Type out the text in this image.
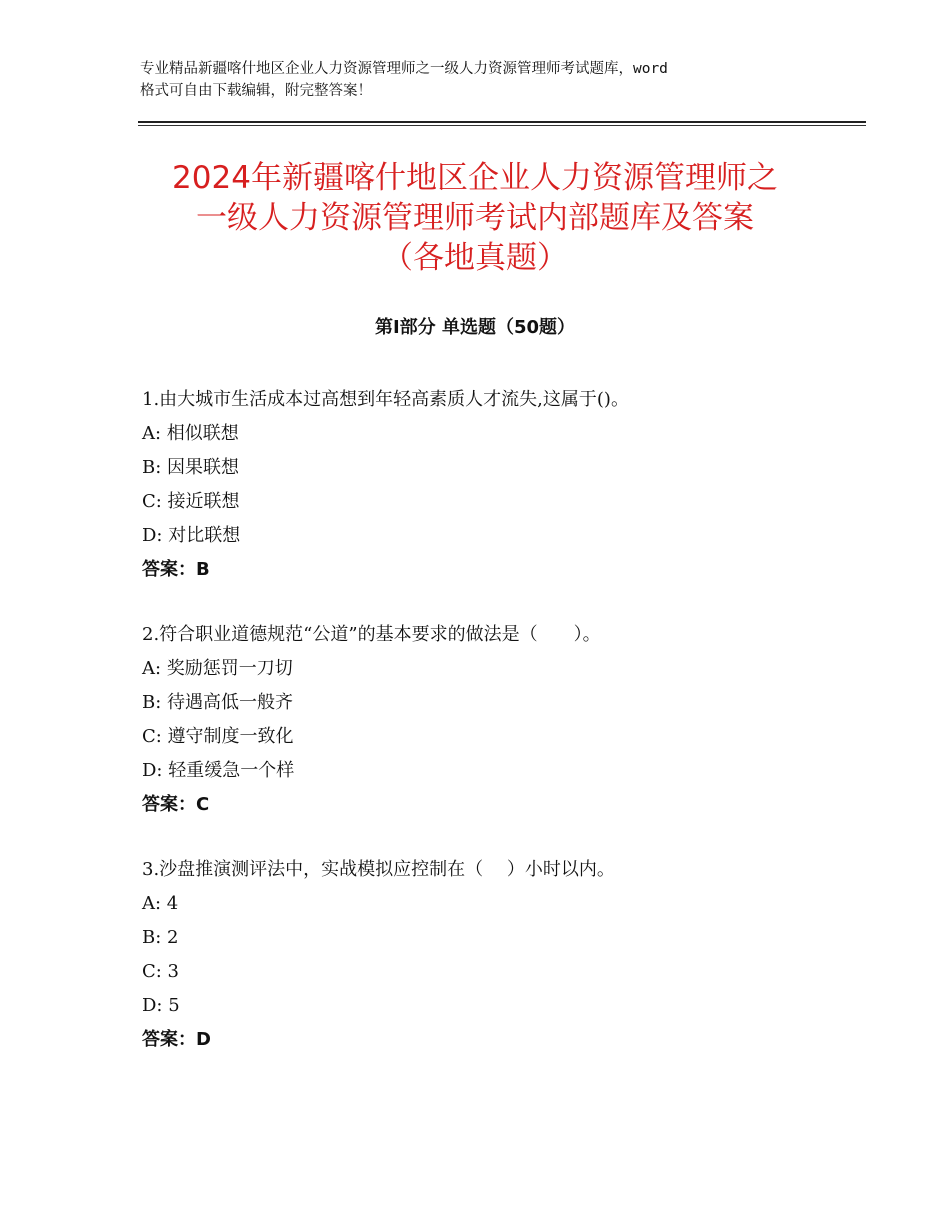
专业精品新疆喀什地区企业人力资源管理师之一级人力资源管理师考试题库，word
格式可自由下载编辑，附完整答案！
2024年新疆喀什地区企业人力资源管理师之
一级人力资源管理师考试内部题库及答案
（各地真题）
第Ⅰ部分 单选题（50题）
1.由大城市生活成本过高想到年轻高素质人才流失,这属于()。
A: 相似联想
B: 因果联想
C: 接近联想
D: 对比联想
答案：B
2.符合职业道德规范“公道”的基本要求的做法是（　　）。
A: 奖励惩罚一刀切
B: 待遇高低一般齐
C: 遵守制度一致化
D: 轻重缓急一个样
答案：C
3.沙盘推演测评法中，实战模拟应控制在（　 ）小时以内。
A: 4
B: 2
C: 3
D: 5
答案：D
